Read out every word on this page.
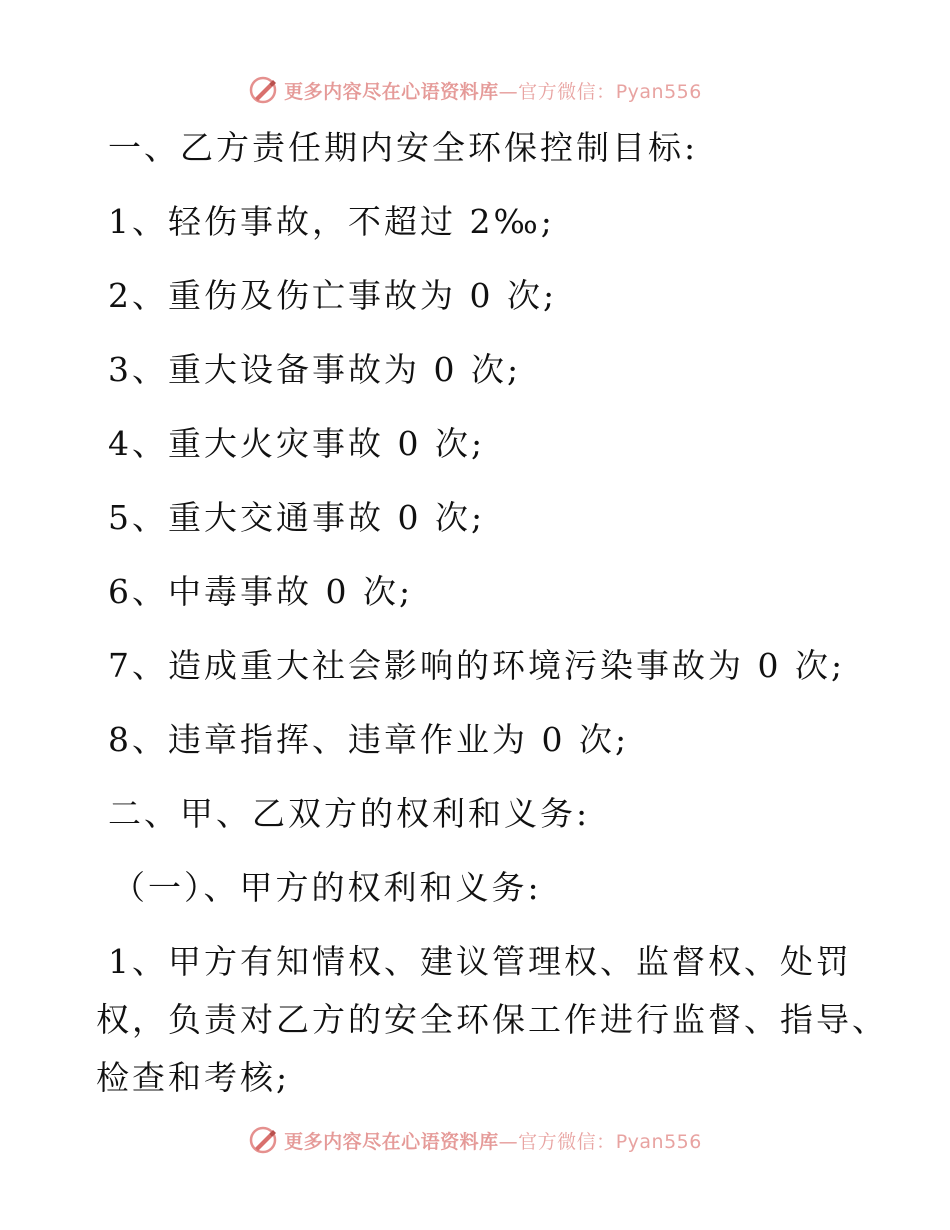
更多内容尽在心语资料库—官方微信：Pyan556
一、乙方责任期内安全环保控制目标:
1、轻伤事故，不超过 2‰;
2、重伤及伤亡事故为 0 次;
3、重大设备事故为 0 次;
4、重大火灾事故 0 次;
5、重大交通事故 0 次;
6、中毒事故 0 次;
7、造成重大社会影响的环境污染事故为 0 次;
8、违章指挥、违章作业为 0 次;
二、甲、乙双方的权利和义务:
（一）、甲方的权利和义务:
1、甲方有知情权、建议管理权、监督权、处罚
权，负责对乙方的安全环保工作进行监督、指导、
检查和考核;
更多内容尽在心语资料库—官方微信：Pyan556
